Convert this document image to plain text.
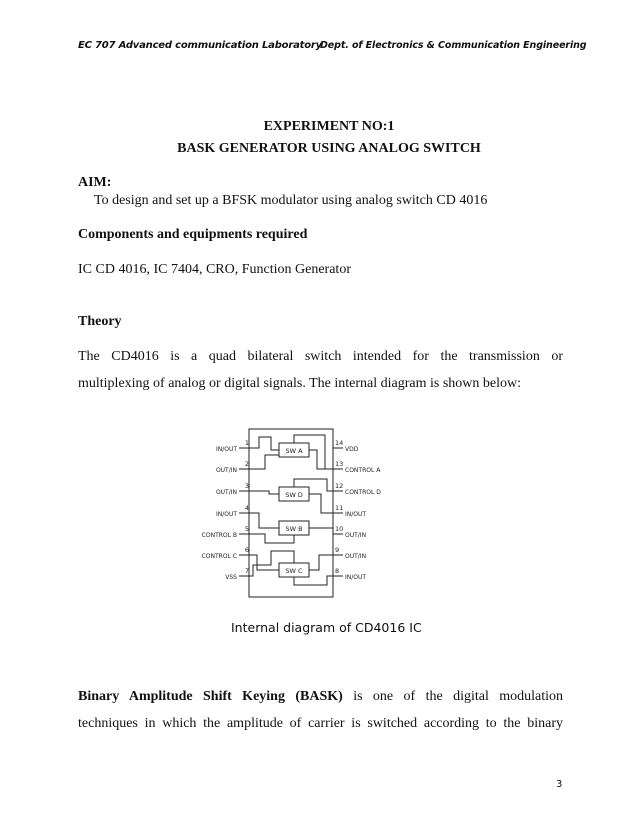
EC 707 Advanced communication Laboratory
Dept. of Electronics & Communication Engineering
EXPERIMENT NO:1
BASK GENERATOR USING ANALOG SWITCH
AIM:
To design and set up a BFSK modulator using analog switch CD 4016
Components and equipments required
IC CD 4016, IC 7404, CRO, Function Generator
Theory
The CD4016 is a quad bilateral switch intended for the transmission or
multiplexing of analog or digital signals. The internal diagram is shown below:
IN/OUT
OUT/IN
OUT/IN
IN/OUT
CONTROL B
CONTROL C
VSS
1
2
3
4
5
6
7
VDD
CONTROL A
CONTROL D
IN/OUT
OUT/IN
OUT/IN
IN/OUT
14
13
12
11
10
9
8
SW A
SW D
SW B
SW C
Internal diagram of CD4016 IC
Binary Amplitude Shift Keying (BASK) is one of the digital modulation
techniques in which the amplitude of carrier is switched according to the binary
3
